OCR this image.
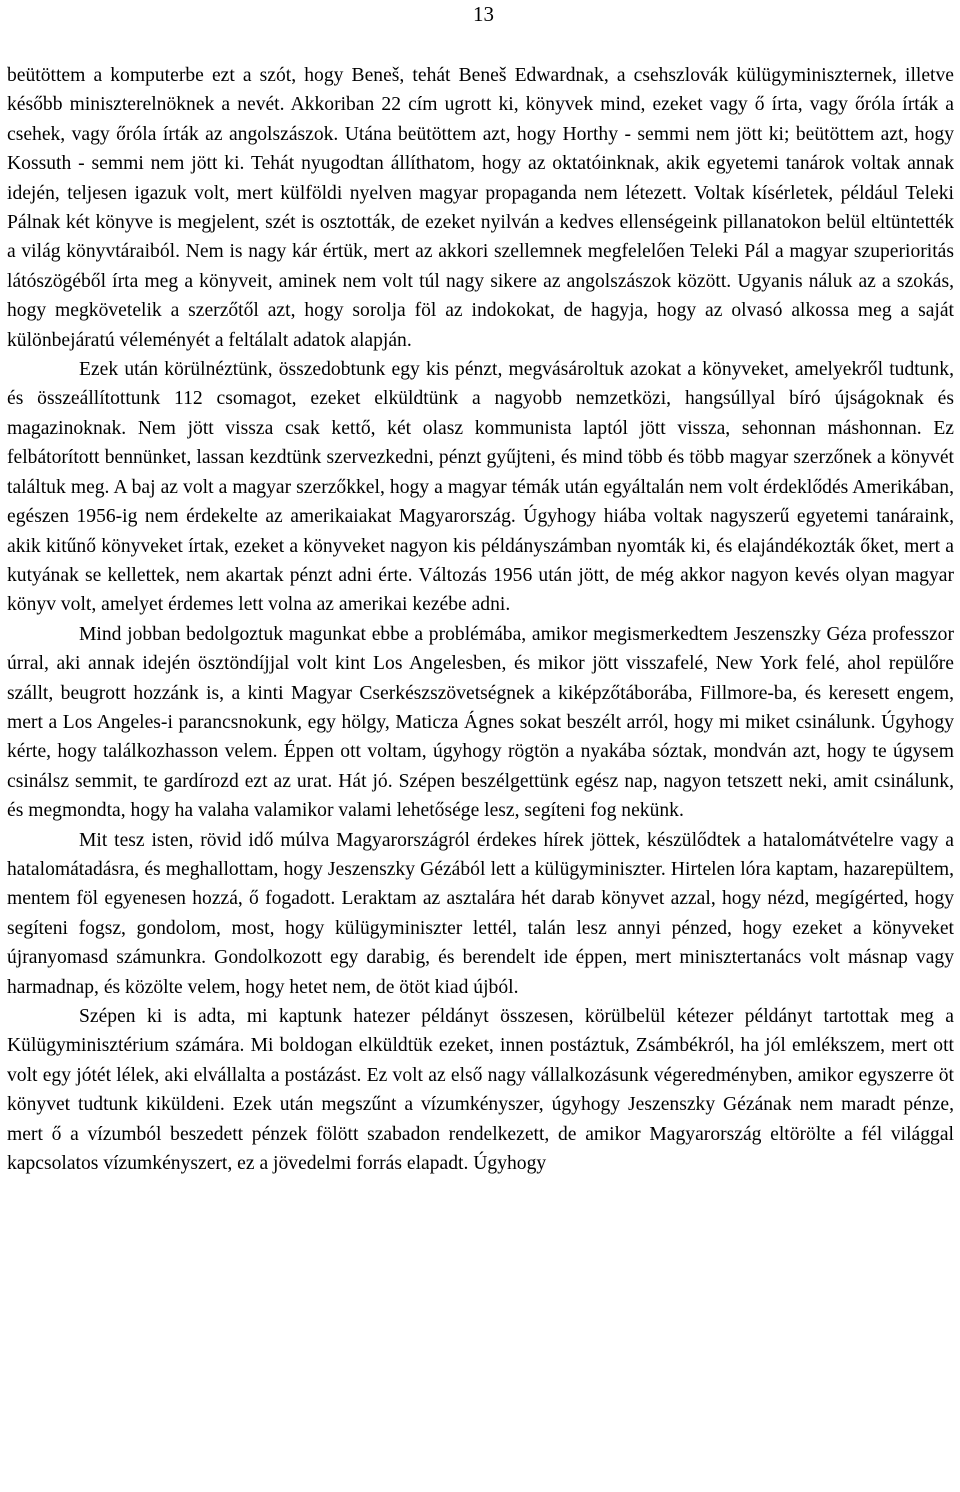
13

beütöttem a komputerbe ezt a szót, hogy Beneš, tehát Beneš Edwardnak, a csehszlovák külügyminiszternek, illetve később miniszterelnöknek a nevét. Akkoriban 22 cím ugrott ki, könyvek mind, ezeket vagy ő írta, vagy őróla írták a csehek, vagy őróla írták az angolszászok. Utána beütöttem azt, hogy Horthy - semmi nem jött ki; beütöttem azt, hogy Kossuth - semmi nem jött ki. Tehát nyugodtan állíthatom, hogy az oktatóinknak, akik egyetemi tanárok voltak annak idején, teljesen igazuk volt, mert külföldi nyelven magyar propaganda nem létezett. Voltak kísérletek, például Teleki Pálnak két könyve is megjelent, szét is osztották, de ezeket nyilván a kedves ellenségeink pillanatokon belül eltüntették a világ könyvtáraiból. Nem is nagy kár értük, mert az akkori szellemnek megfelelően Teleki Pál a magyar szuperioritás látószögéből írta meg a könyveit, aminek nem volt túl nagy sikere az angolszászok között. Ugyanis náluk az a szokás, hogy megkövetelik a szerzőtől azt, hogy sorolja föl az indokokat, de hagyja, hogy az olvasó alkossa meg a saját különbejáratú véleményét a feltálalt adatok alapján.

Ezek után körülnéztünk, összedobtunk egy kis pénzt, megvásároltuk azokat a könyveket, amelyekről tudtunk, és összeállítottunk 112 csomagot, ezeket elküldtünk a nagyobb nemzetközi, hangsúllyal bíró újságoknak és magazinoknak. Nem jött vissza csak kettő, két olasz kommunista laptól jött vissza, sehonnan máshonnan. Ez felbátorított bennünket, lassan kezdtünk szervezkedni, pénzt gyűjteni, és mind több és több magyar szerzőnek a könyvét találtuk meg. A baj az volt a magyar szerzőkkel, hogy a magyar témák után egyáltalán nem volt érdeklődés Amerikában, egészen 1956-ig nem érdekelte az amerikaiakat Magyarország. Úgyhogy hiába voltak nagyszerű egyetemi tanáraink, akik kitűnő könyveket írtak, ezeket a könyveket nagyon kis példányszámban nyomták ki, és elajándékozták őket, mert a kutyának se kellettek, nem akartak pénzt adni érte. Változás 1956 után jött, de még akkor nagyon kevés olyan magyar könyv volt, amelyet érdemes lett volna az amerikai kezébe adni.

Mind jobban bedolgoztuk magunkat ebbe a problémába, amikor megismerkedtem Jeszenszky Géza professzor úrral, aki annak idején ösztöndíjjal volt kint Los Angelesben, és mikor jött visszafelé, New York felé, ahol repülőre szállt, beugrott hozzánk is, a kinti Magyar Cserkészszövetségnek a kiképzőtáborába, Fillmore-ba, és keresett engem, mert a Los Angeles-i parancsnokunk, egy hölgy, Maticza Ágnes sokat beszélt arról, hogy mi miket csinálunk. Úgyhogy kérte, hogy találkozhasson velem. Éppen ott voltam, úgyhogy rögtön a nyakába sóztak, mondván azt, hogy te úgysem csinálsz semmit, te gardírozd ezt az urat. Hát jó. Szépen beszélgettünk egész nap, nagyon tetszett neki, amit csinálunk, és megmondta, hogy ha valaha valamikor valami lehetősége lesz, segíteni fog nekünk.

Mit tesz isten, rövid idő múlva Magyarországról érdekes hírek jöttek, készülődtek a hatalomátvételre vagy a hatalomátadásra, és meghallottam, hogy Jeszenszky Gézából lett a külügyminiszter. Hirtelen lóra kaptam, hazarepültem, mentem föl egyenesen hozzá, ő fogadott. Leraktam az asztalára hét darab könyvet azzal, hogy nézd, megígérted, hogy segíteni fogsz, gondolom, most, hogy külügyminiszter lettél, talán lesz annyi pénzed, hogy ezeket a könyveket újranyomasd számunkra. Gondolkozott egy darabig, és berendelt ide éppen, mert minisztertanács volt másnap vagy harmadnap, és közölte velem, hogy hetet nem, de ötöt kiad újból.

Szépen ki is adta, mi kaptunk hatezer példányt összesen, körülbelül kétezer példányt tartottak meg a Külügyminisztérium számára. Mi boldogan elküldtük ezeket, innen postáztuk, Zsámbékról, ha jól emlékszem, mert ott volt egy jótét lélek, aki elvállalta a postázást. Ez volt az első nagy vállalkozásunk végeredményben, amikor egyszerre öt könyvet tudtunk kiküldeni. Ezek után megszűnt a vízumkényszer, úgyhogy Jeszenszky Gézának nem maradt pénze, mert ő a vízumból beszedett pénzek fölött szabadon rendelkezett, de amikor Magyarország eltörölte a fél világgal kapcsolatos vízumkényszert, ez a jövedelmi forrás elapadt. Úgyhogy
